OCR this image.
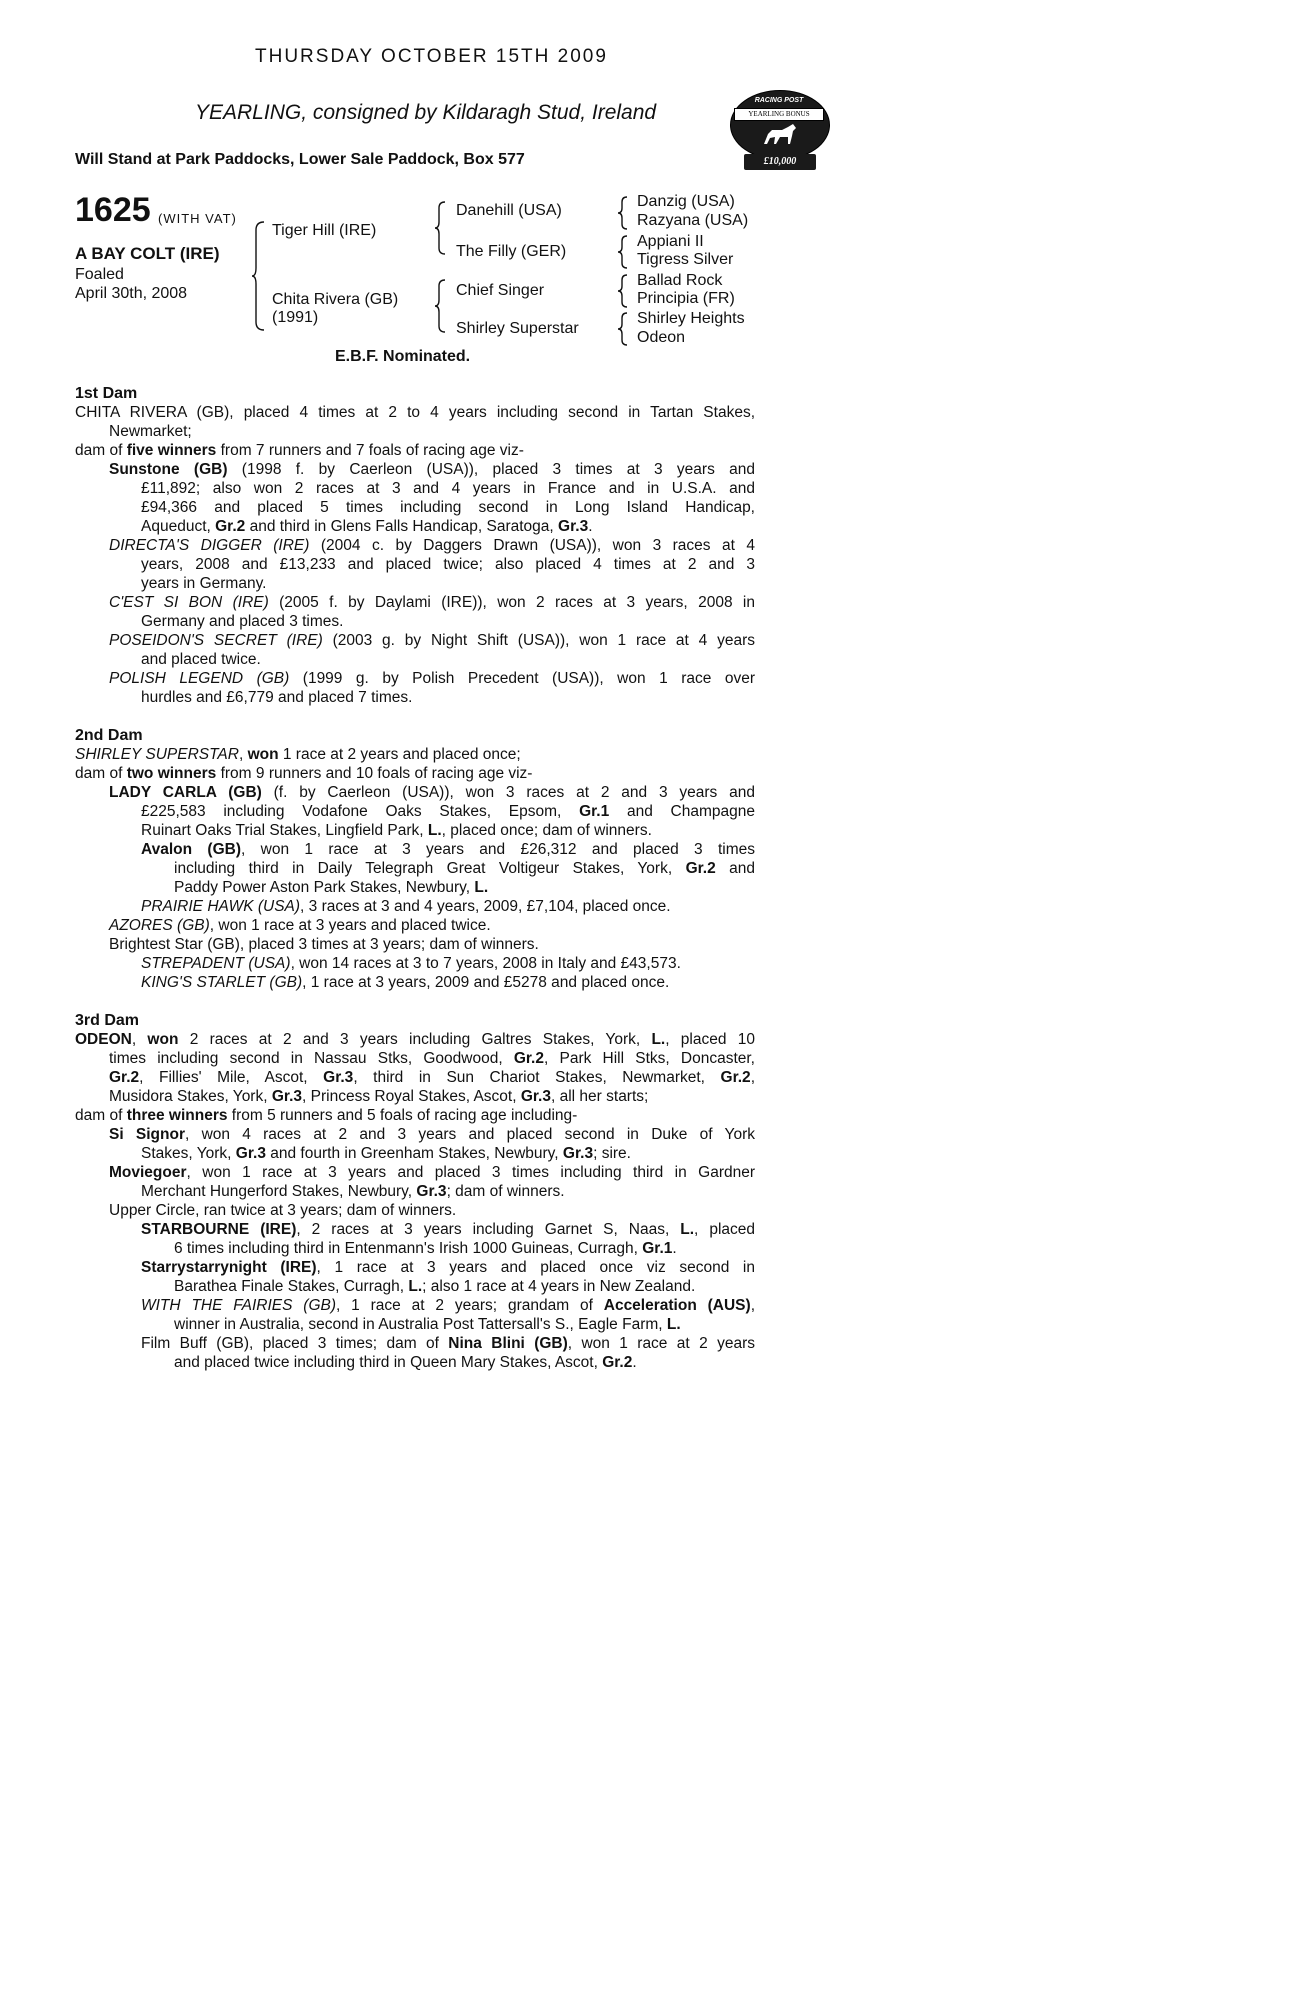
THURSDAY OCTOBER 15TH 2009
YEARLING, consigned by Kildaragh Stud, Ireland
Will Stand at Park Paddocks, Lower Sale Paddock, Box 577
RACING POST
YEARLING BONUS
£10,000
1625 (WITH VAT)
A BAY COLT (IRE)
Foaled
April 30th, 2008
Tiger Hill (IRE)
Chita Rivera (GB)
(1991)
Danehill (USA)
The Filly (GER)
Chief Singer
Shirley Superstar
Danzig (USA)
Razyana (USA)
Appiani II
Tigress Silver
Ballad Rock
Principia (FR)
Shirley Heights
Odeon
E.B.F. Nominated.
1st Dam
CHITA RIVERA (GB), placed 4 times at 2 to 4 years including second in Tartan Stakes,
Newmarket;
dam of five winners from 7 runners and 7 foals of racing age viz-
Sunstone (GB) (1998 f. by Caerleon (USA)), placed 3 times at 3 years and
£11,892; also won 2 races at 3 and 4 years in France and in U.S.A. and
£94,366 and placed 5 times including second in Long Island Handicap,
Aqueduct, Gr.2 and third in Glens Falls Handicap, Saratoga, Gr.3.
DIRECTA'S DIGGER (IRE) (2004 c. by Daggers Drawn (USA)), won 3 races at 4
years, 2008 and £13,233 and placed twice; also placed 4 times at 2 and 3
years in Germany.
C'EST SI BON (IRE) (2005 f. by Daylami (IRE)), won 2 races at 3 years, 2008 in
Germany and placed 3 times.
POSEIDON'S SECRET (IRE) (2003 g. by Night Shift (USA)), won 1 race at 4 years
and placed twice.
POLISH LEGEND (GB) (1999 g. by Polish Precedent (USA)), won 1 race over
hurdles and £6,779 and placed 7 times.
2nd Dam
SHIRLEY SUPERSTAR, won 1 race at 2 years and placed once;
dam of two winners from 9 runners and 10 foals of racing age viz-
LADY CARLA (GB) (f. by Caerleon (USA)), won 3 races at 2 and 3 years and
£225,583 including Vodafone Oaks Stakes, Epsom, Gr.1 and Champagne
Ruinart Oaks Trial Stakes, Lingfield Park, L., placed once; dam of winners.
Avalon (GB), won 1 race at 3 years and £26,312 and placed 3 times
including third in Daily Telegraph Great Voltigeur Stakes, York, Gr.2 and
Paddy Power Aston Park Stakes, Newbury, L.
PRAIRIE HAWK (USA), 3 races at 3 and 4 years, 2009, £7,104, placed once.
AZORES (GB), won 1 race at 3 years and placed twice.
Brightest Star (GB), placed 3 times at 3 years; dam of winners.
STREPADENT (USA), won 14 races at 3 to 7 years, 2008 in Italy and £43,573.
KING'S STARLET (GB), 1 race at 3 years, 2009 and £5278 and placed once.
3rd Dam
ODEON, won 2 races at 2 and 3 years including Galtres Stakes, York, L., placed 10
times including second in Nassau Stks, Goodwood, Gr.2, Park Hill Stks, Doncaster,
Gr.2, Fillies' Mile, Ascot, Gr.3, third in Sun Chariot Stakes, Newmarket, Gr.2,
Musidora Stakes, York, Gr.3, Princess Royal Stakes, Ascot, Gr.3, all her starts;
dam of three winners from 5 runners and 5 foals of racing age including-
Si Signor, won 4 races at 2 and 3 years and placed second in Duke of York
Stakes, York, Gr.3 and fourth in Greenham Stakes, Newbury, Gr.3; sire.
Moviegoer, won 1 race at 3 years and placed 3 times including third in Gardner
Merchant Hungerford Stakes, Newbury, Gr.3; dam of winners.
Upper Circle, ran twice at 3 years; dam of winners.
STARBOURNE (IRE), 2 races at 3 years including Garnet S, Naas, L., placed
6 times including third in Entenmann's Irish 1000 Guineas, Curragh, Gr.1.
Starrystarrynight (IRE), 1 race at 3 years and placed once viz second in
Barathea Finale Stakes, Curragh, L.; also 1 race at 4 years in New Zealand.
WITH THE FAIRIES (GB), 1 race at 2 years; grandam of Acceleration (AUS),
winner in Australia, second in Australia Post Tattersall's S., Eagle Farm, L.
Film Buff (GB), placed 3 times; dam of Nina Blini (GB), won 1 race at 2 years
and placed twice including third in Queen Mary Stakes, Ascot, Gr.2.
